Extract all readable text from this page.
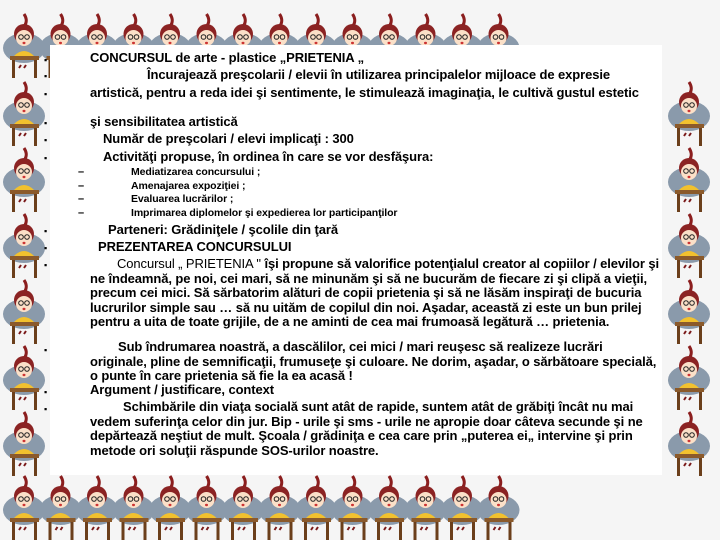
▪
▪
▪
▪
▪
▪
▪
▪
▪
▪
▪
▪
–
–
–
–
CONCURSUL de arte - plastice „PRIETENIA „
Încurajează preşcolarii / elevii în utilizarea principalelor mijloace de expresie
artistică, pentru a reda idei şi sentimente, le stimulează imaginaţia, le cultivă gustul estetic
şi sensibilitatea artistică
Număr de preşcolari / elevi implicaţi : 300
Activităţi propuse, în ordinea în care se vor desfăşura:
Mediatizarea concursului ;
Amenajarea expoziţiei ;
Evaluarea lucrărilor ;
Imprimarea diplomelor şi expedierea lor participanţilor
Parteneri: Grădiniţele / şcolile din ţară
PREZENTAREA CONCURSULUI
Concursul „ PRIETENIA " îşi propune să valorifice potenţialul creator al copiilor / elevilor şi ne îndeamnă, pe noi, cei mari, să ne minunăm şi să ne bucurăm de fiecare zi şi clipă a vieţii, precum cei mici. Să sărbatorim alături de copii prietenia şi să ne lăsăm inspiraţi de bucuria lucrurilor simple sau … să nu uităm de copilul din noi. Aşadar, această zi este un bun prilej pentru a uita de toate grijile, de a ne aminti de cea mai frumoasă legătură … prietenia.
Sub îndrumarea noastră, a dascălilor, cei mici / mari reuşesc să realizeze lucrări originale, pline de semnificaţii, frumuseţe şi culoare. Ne dorim, aşadar, o sărbătoare specială, o punte în care prietenia să fie la ea acasă !
Argument / justificare, context
Schimbările din viaţa socială sunt atât de rapide, suntem atât de grăbiţi încât nu mai vedem suferinţa celor din jur. Bip - urile şi sms - urile ne apropie doar câteva secunde şi ne depărtează neştiut de mult. Şcoala / grădiniţa e cea care prin „puterea ei„ intervine şi prin metode ori soluţii răspunde SOS-urilor noastre.
